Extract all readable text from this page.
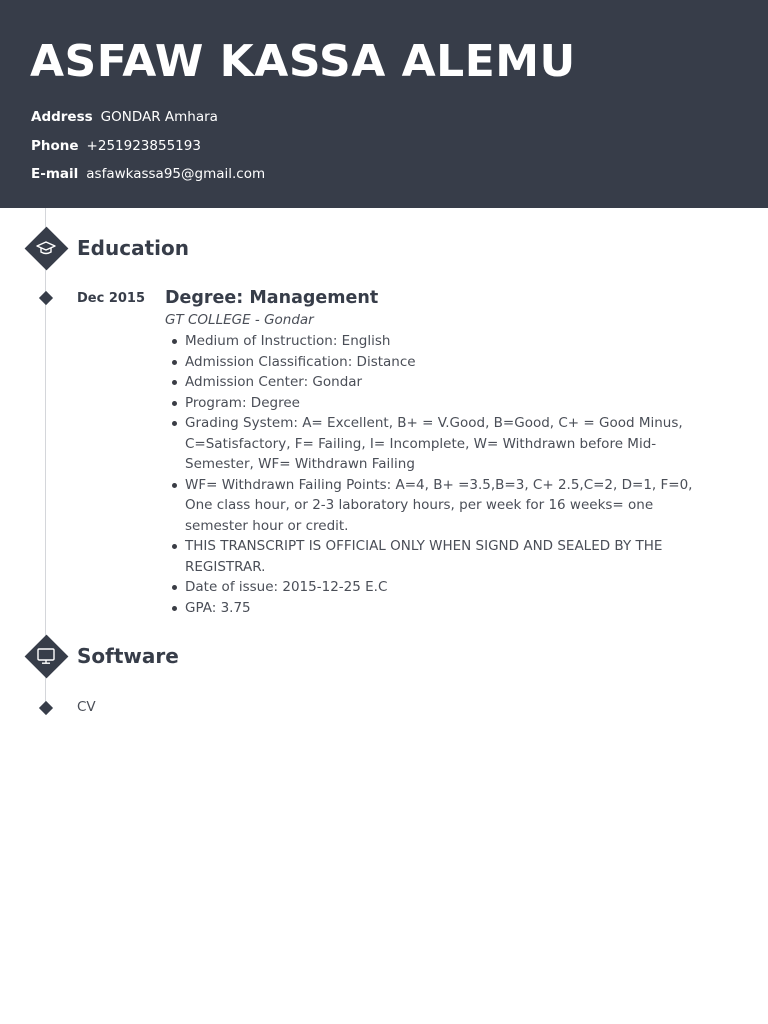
ASFAW KASSA ALEMU
Address GONDAR Amhara
Phone +251923855193
E-mail asfawkassa95@gmail.com
Education
Dec 2015 Degree: Management
GT COLLEGE - Gondar
Medium of Instruction: English
Admission Classification: Distance
Admission Center: Gondar
Program: Degree
Grading System: A= Excellent, B+ = V.Good, B=Good, C+ = Good Minus, C=Satisfactory, F= Failing, I= Incomplete, W= Withdrawn before Mid-Semester, WF= Withdrawn Failing
WF= Withdrawn Failing Points: A=4, B+ =3.5,B=3, C+ 2.5,C=2, D=1, F=0, One class hour, or 2-3 laboratory hours, per week for 16 weeks= one semester hour or credit.
THIS TRANSCRIPT IS OFFICIAL ONLY WHEN SIGND AND SEALED BY THE REGISTRAR.
Date of issue: 2015-12-25 E.C
GPA: 3.75
Software
CV
